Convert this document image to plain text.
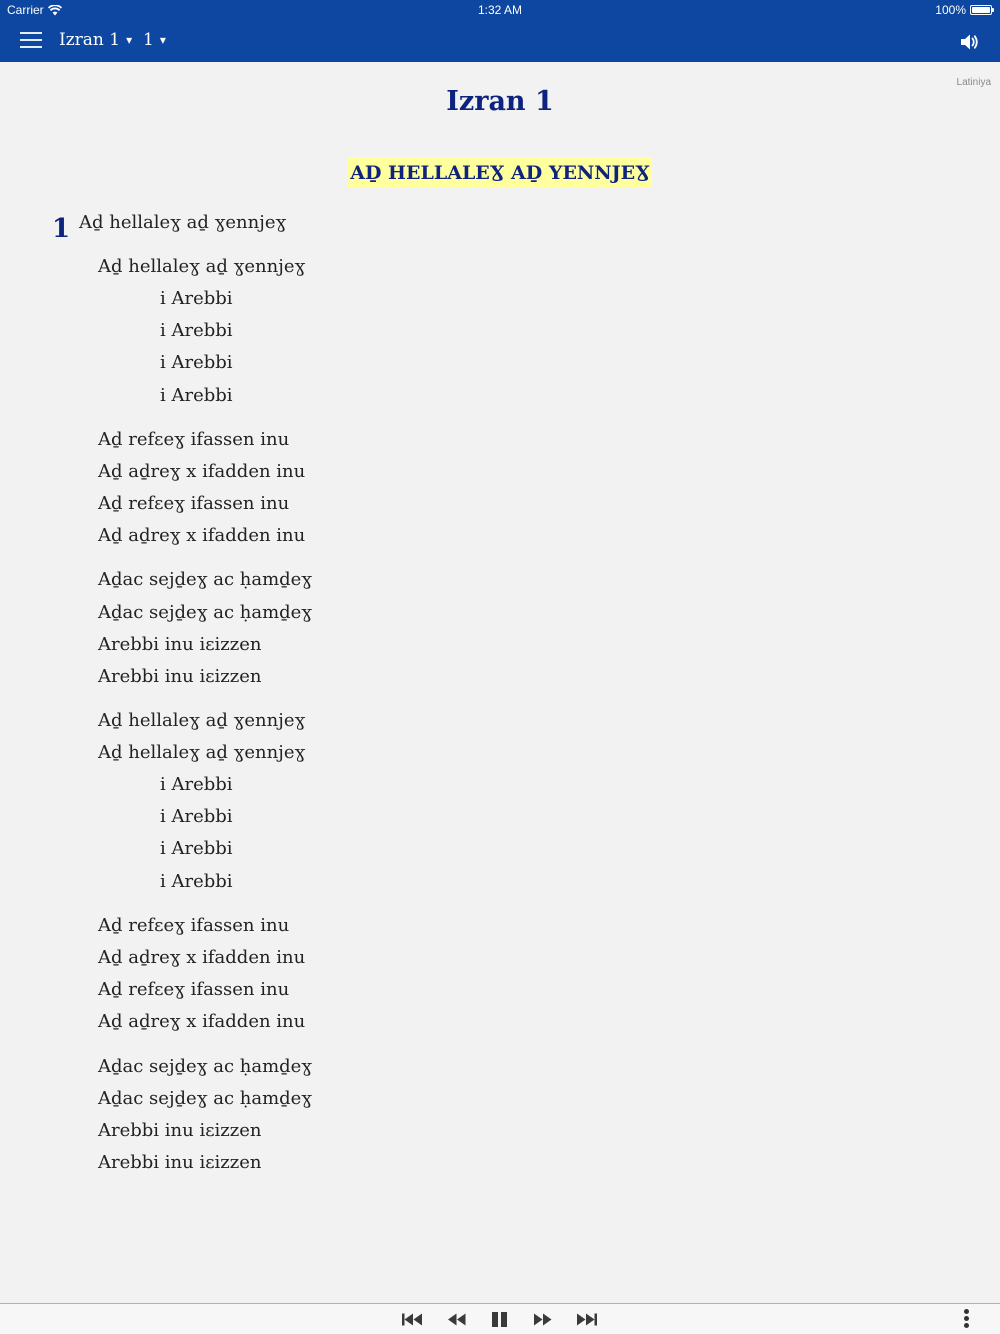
Carrier	1:32 AM	100%
Izran 1 ▾ 1 ▾
Latiniya
Izran 1
AḎ HELLALEƔ AḎ YENNJEƔ
1 Aḏ hellaleɣ aḏ ɣennjeɣ
Aḏ hellaleɣ aḏ ɣennjeɣ
i Arebbi
i Arebbi
i Arebbi
i Arebbi
Aḏ refɛeɣ ifassen inu
Aḏ aḏreɣ x ifadden inu
Aḏ refɛeɣ ifassen inu
Aḏ aḏreɣ x ifadden inu
Aḏac sejḏeɣ ac ḥamḏeɣ
Aḏac sejḏeɣ ac ḥamḏeɣ
Arebbi inu iɛizzen
Arebbi inu iɛizzen
Aḏ hellaleɣ aḏ ɣennjeɣ
Aḏ hellaleɣ aḏ ɣennjeɣ
i Arebbi
i Arebbi
i Arebbi
i Arebbi
Aḏ refɛeɣ ifassen inu
Aḏ aḏreɣ x ifadden inu
Aḏ refɛeɣ ifassen inu
Aḏ aḏreɣ x ifadden inu
Aḏac sejḏeɣ ac ḥamḏeɣ
Aḏac sejḏeɣ ac ḥamḏeɣ
Arebbi inu iɛizzen
Arebbi inu iɛizzen
